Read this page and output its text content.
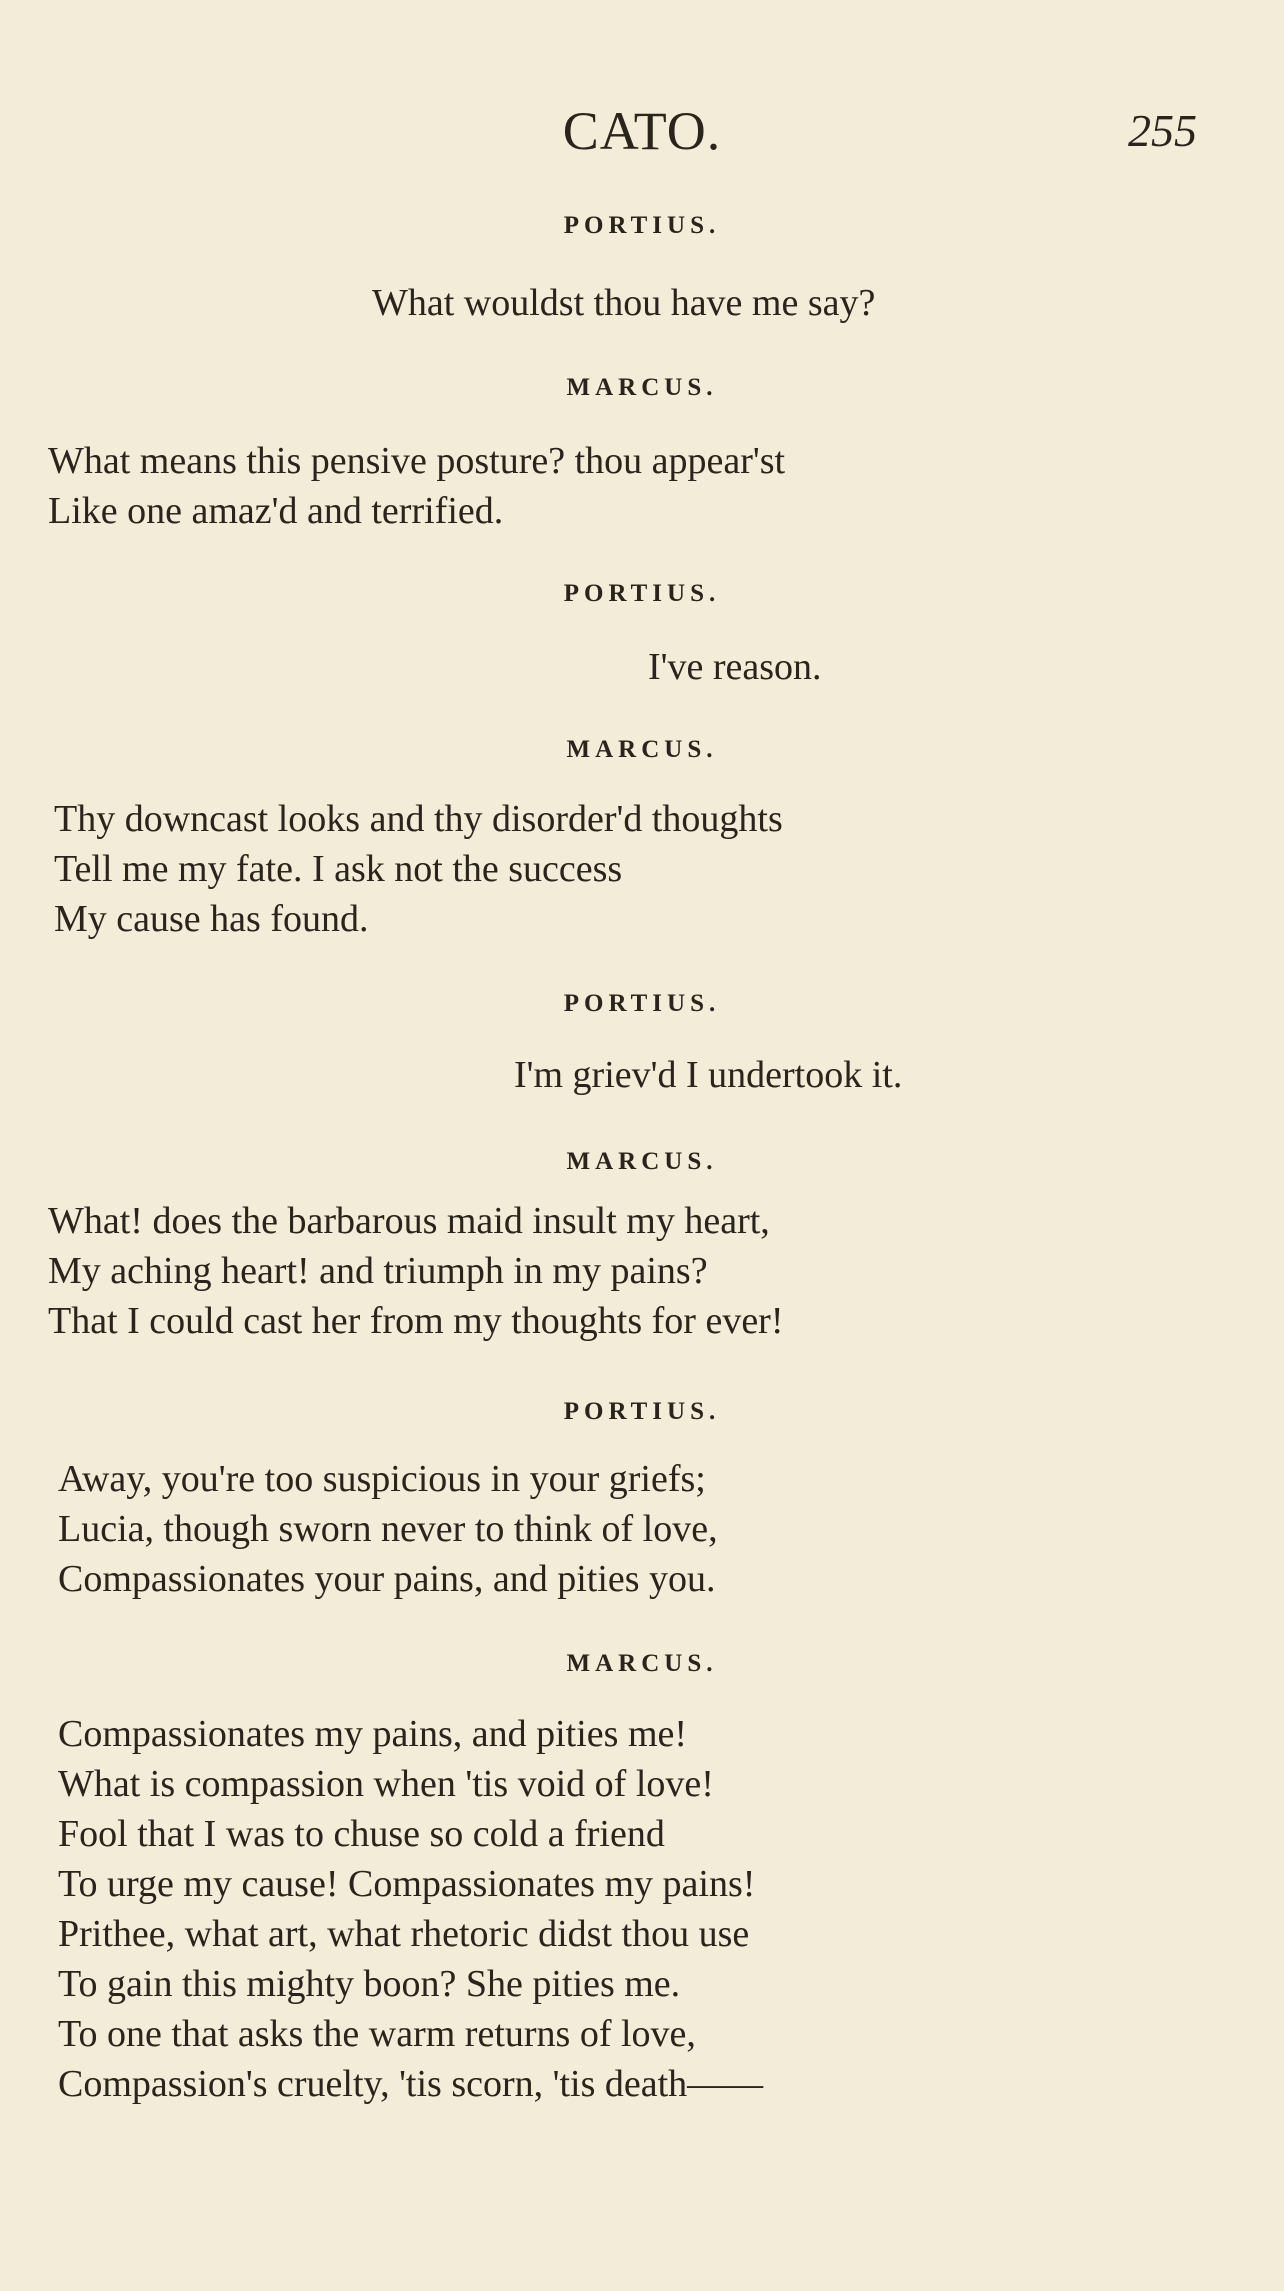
CATO.	255
PORTIUS.
What wouldst thou have me say?
MARCUS.
What means this pensive posture? thou appear'st
Like one amaz'd and terrified.
PORTIUS.
I've reason.
MARCUS.
Thy downcast looks and thy disorder'd thoughts
Tell me my fate. I ask not the success
My cause has found.
PORTIUS.
I'm griev'd I undertook it.
MARCUS.
What! does the barbarous maid insult my heart,
My aching heart! and triumph in my pains?
That I could cast her from my thoughts for ever!
PORTIUS.
Away, you're too suspicious in your griefs;
Lucia, though sworn never to think of love,
Compassionates your pains, and pities you.
MARCUS.
Compassionates my pains, and pities me!
What is compassion when 'tis void of love!
Fool that I was to chuse so cold a friend
To urge my cause! Compassionates my pains!
Prithee, what art, what rhetoric didst thou use
To gain this mighty boon? She pities me.
To one that asks the warm returns of love,
Compassion's cruelty, 'tis scorn, 'tis death——
